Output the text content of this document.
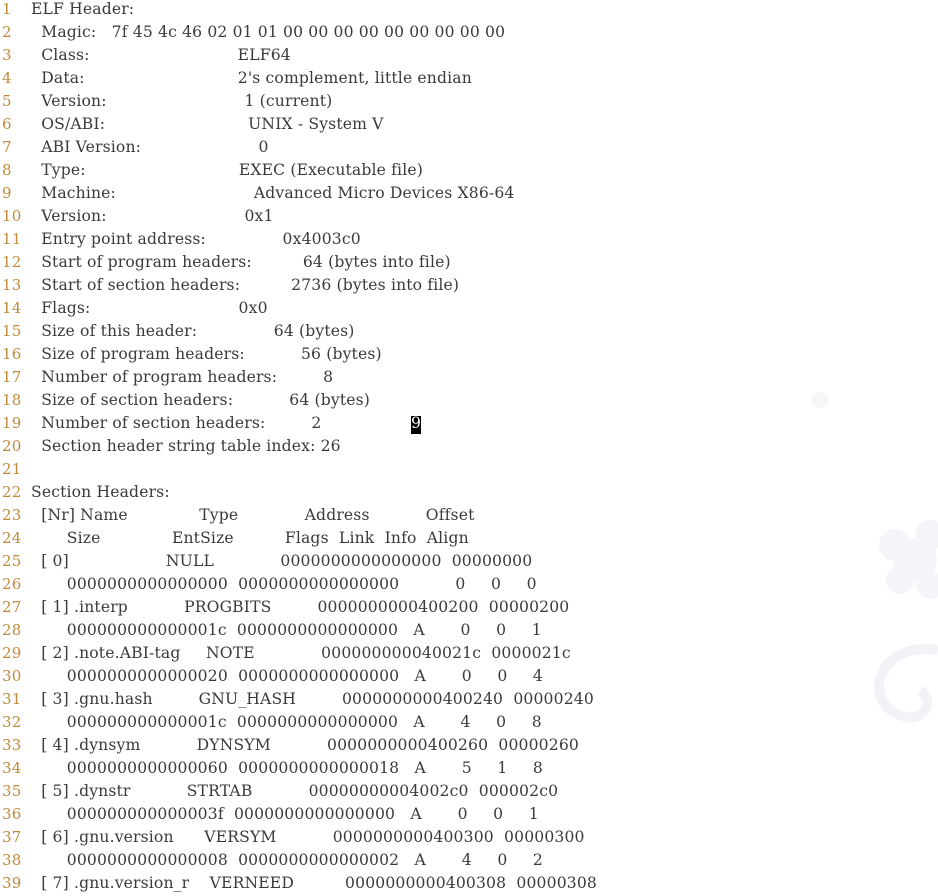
1	ELF Header:
2	Magic:   7f 45 4c 46 02 01 01 00 00 00 00 00 00 00 00 00
3	Class:                             ELF64
4	Data:                              2's complement, little endian
5	Version:                           1 (current)
6	OS/ABI:                            UNIX - System V
7	ABI Version:                       0
8	Type:                              EXEC (Executable file)
9	Machine:                           Advanced Micro Devices X86-64
10 Version:                           0x1
11 Entry point address:               0x4003c0
12 Start of program headers:          64 (bytes into file)
13 Start of section headers:          2736 (bytes into file)
14 Flags:                             0x0
15 Size of this header:               64 (bytes)
16 Size of program headers:           56 (bytes)
17 Number of program headers:         8
18 Size of section headers:           64 (bytes)
19 Number of section headers:         2	9
20 Section header string table index: 26
21
22 Section Headers:
23 [Nr] Name              Type             Address           Offset
24 Size              EntSize          Flags  Link  Info  Align
25 [ 0]                   NULL             0000000000000000  00000000
26 0000000000000000  0000000000000000           0     0     0
27 [ 1] .interp           PROGBITS         0000000000400200  00000200
28 000000000000001c  0000000000000000   A       0     0     1
29 [ 2] .note.ABI-tag     NOTE             000000000040021c  0000021c
30 0000000000000020  0000000000000000   A       0     0     4
31 [ 3] .gnu.hash         GNU_HASH         0000000000400240  00000240
32 000000000000001c  0000000000000000   A       4     0     8
33 [ 4] .dynsym           DYNSYM           0000000000400260  00000260
34 0000000000000060  0000000000000018   A       5     1     8
35 [ 5] .dynstr           STRTAB           00000000004002c0  000002c0
36 000000000000003f  0000000000000000   A       0     0     1
37 [ 6] .gnu.version      VERSYM           0000000000400300  00000300
38 0000000000000008  0000000000000002   A       4     0     2
39 [ 7] .gnu.version_r    VERNEED          0000000000400308  00000308
